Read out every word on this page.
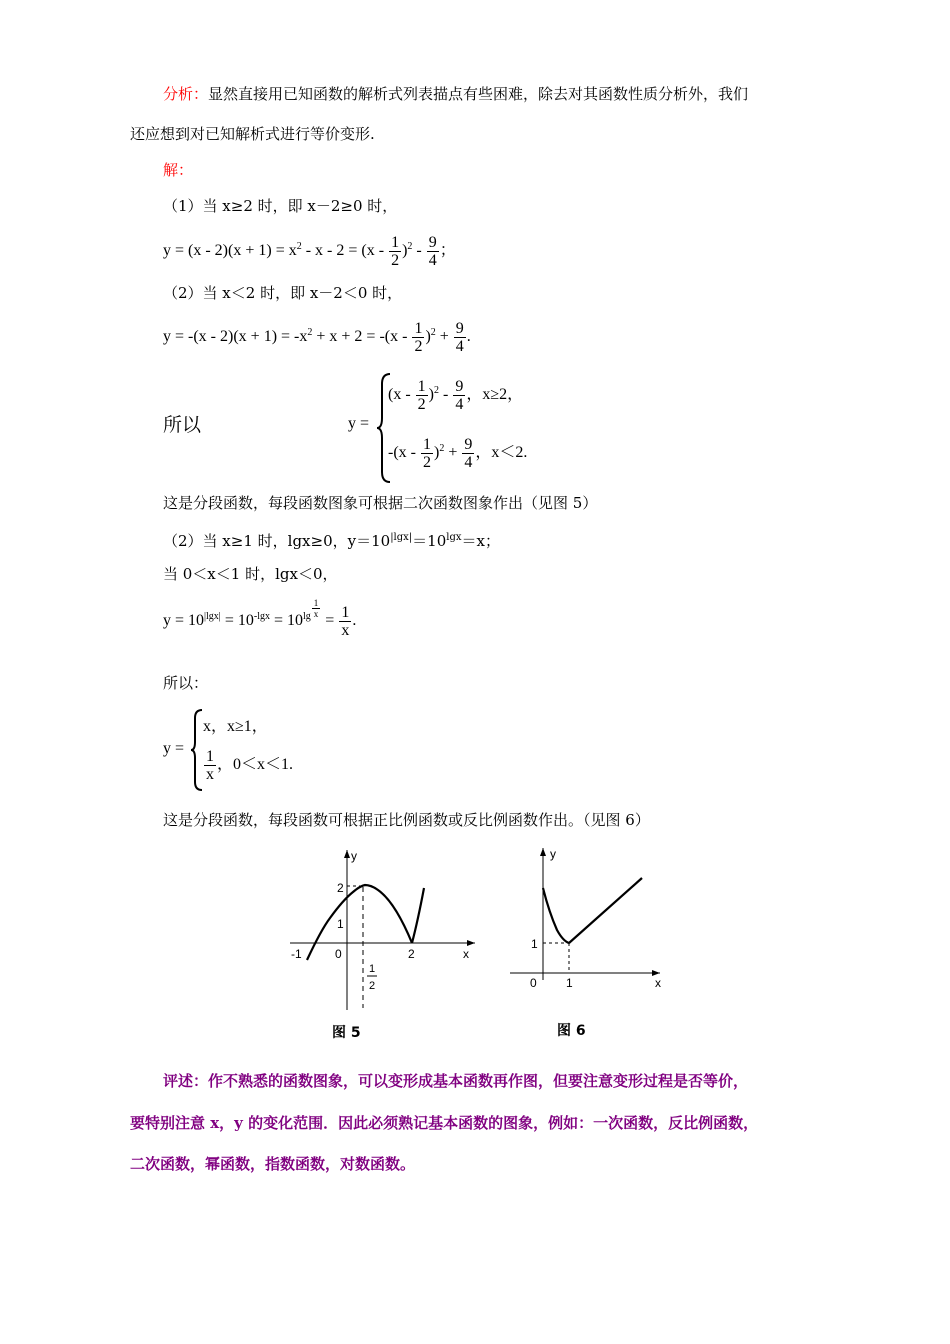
分析：显然直接用已知函数的解析式列表描点有些困难，除去对其函数性质分析外，我们
还应想到对已知解析式进行等价变形.
解：
（1）当 x≥2 时，即 x－2≥0 时，
$y = (x - 2)(x + 1) = x^2 - x - 2 = (x - \frac{1}{2} )^2 - \frac{9}{4}$ ；
（2）当 x＜2 时，即 x－2＜0 时，
$y = -(x - 2)(x + 1) = -x^2 + x + 2 = -(x - \frac{1}{2} )^2 + \frac{9}{4}$ .
所以	y =
$(x - \frac{1}{2} )^2 - \frac{9}{4}$ ，x≥2，
$-(x - \frac{1}{2} )^2 + \frac{9}{4}$ ，x＜2.
这是分段函数，每段函数图象可根据二次函数图象作出（见图 5）
（2）当 x≥1 时，lgx≥0，$y=10^{|lgx|}=10^{lgx}=x$；
当 0＜x＜1 时，lgx＜0，
$y = 10^{|lgx|} = 10^{-lgx} = 10^{lg \frac{1}{x}}$
= $\frac{1}{x}$ .
所以：
y =
x，x≥1，
$\frac{1}{x}$ ，0＜x＜1.
这是分段函数，每段函数可根据正比例函数或反比例函数作出。（见图 6）
y
x
2
1
0
-1	2
1
2
图 5
y
x
1
0 1
图 6
评述：作不熟悉的函数图象，可以变形成基本函数再作图，但要注意变形过程是否等价，
要特别注意 x，y 的变化范围．因此必须熟记基本函数的图象，例如：一次函数，反比例函数，
二次函数，幂函数，指数函数，对数函数。
